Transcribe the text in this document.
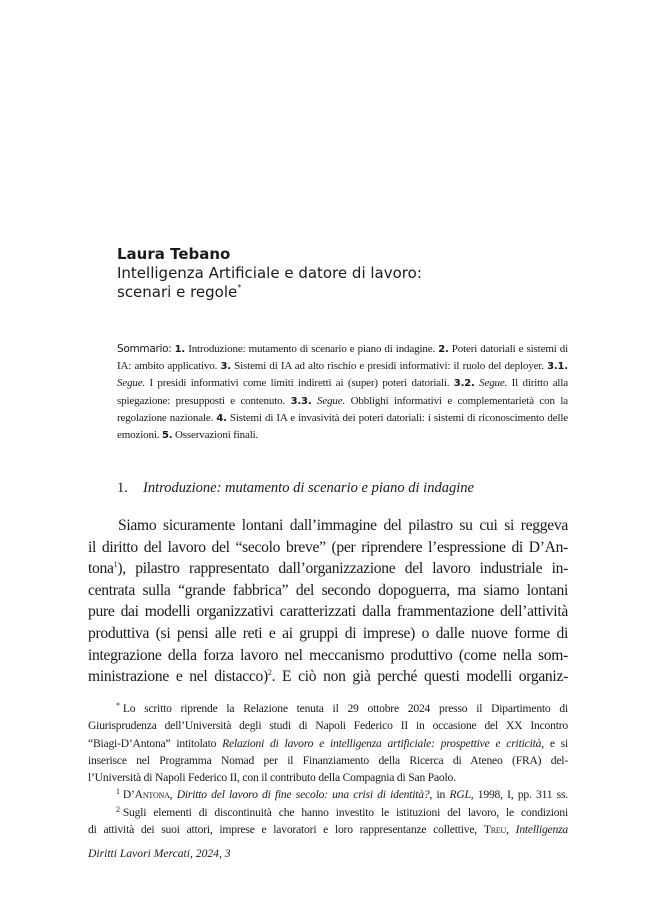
Laura Tebano

Intelligenza Artificiale e datore di lavoro:
scenari e regole*

Sommario: 1. Introduzione: mutamento di scenario e piano di indagine. 2. Poteri datoriali e sistemi di IA: ambito applicativo. 3. Sistemi di IA ad alto rischio e presidi informativi: il ruolo del deployer. 3.1. Segue. I presidi informativi come limiti indiretti ai (super) poteri datoriali. 3.2. Segue. Il diritto alla spiegazione: presupposti e contenuto. 3.3. Segue. Obblighi informativi e complementarietà con la regolazione nazionale. 4. Sistemi di IA e invasività dei poteri datoriali: i sistemi di riconoscimento delle emozioni. 5. Osservazioni finali.

1. Introduzione: mutamento di scenario e piano di indagine

Siamo sicuramente lontani dall’immagine del pilastro su cui si reggeva
il diritto del lavoro del “secolo breve” (per riprendere l’espressione di D’An-
tona$^1$), pilastro rappresentato dall’organizzazione del lavoro industriale in-
centrata sulla “grande fabbrica” del secondo dopoguerra, ma siamo lontani
pure dai modelli organizzativi caratterizzati dalla frammentazione dell’attività
produttiva (si pensi alle reti e ai gruppi di imprese) o dalle nuove forme di
integrazione della forza lavoro nel meccanismo produttivo (come nella som-
ministrazione e nel distacco)$^2$. E ciò non già perché questi modelli organiz-

* Lo scritto riprende la Relazione tenuta il 29 ottobre 2024 presso il Dipartimento di
Giurisprudenza dell’Università degli studi di Napoli Federico II in occasione del XX Incontro
“Biagi-D’Antona” intitolato Relazioni di lavoro e intelligenza artificiale: prospettive e criticità, e si
inserisce nel Programma Nomad per il Finanziamento della Ricerca di Ateneo (FRA) del-
l’Università di Napoli Federico II, con il contributo della Compagnia di San Paolo.
$^1$ D’Antona, Diritto del lavoro di fine secolo: una crisi di identità?, in RGL, 1998, I, pp. 311 ss.
$^2$ Sugli elementi di discontinuità che hanno investito le istituzioni del lavoro, le condizioni
di attività dei suoi attori, imprese e lavoratori e loro rappresentanze collettive, Treu, Intelligenza

Diritti Lavori Mercati, 2024, 3
